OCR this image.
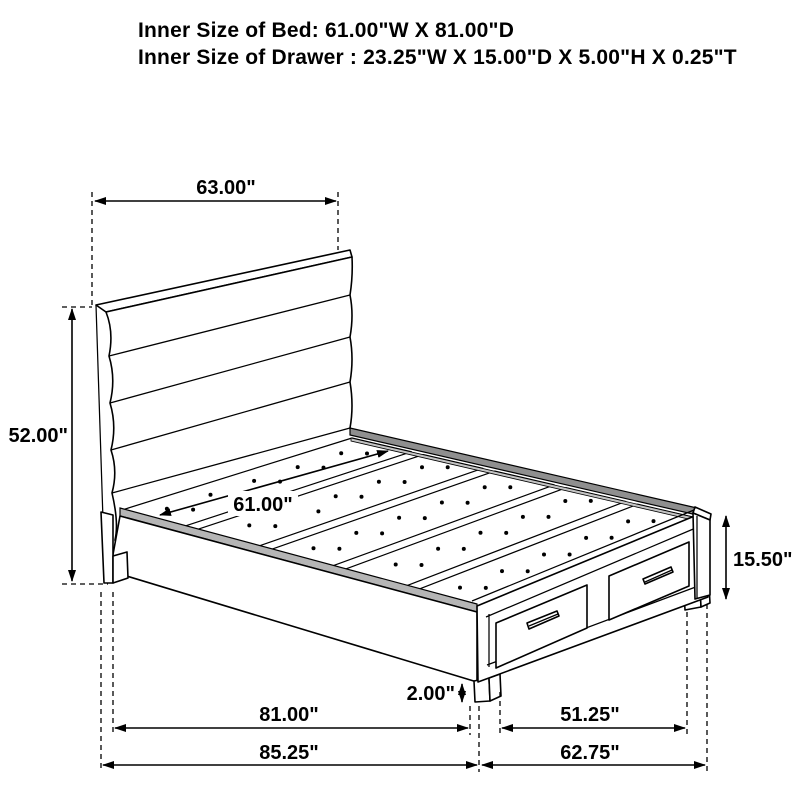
Inner Size of Bed: 61.00"W X 81.00"D
Inner Size of Drawer : 23.25"W X 15.00"D X 5.00"H X 0.25"T
63.00"
52.00"
61.00"
15.50"
2.00"
81.00"
85.25"
51.25"
62.75"
